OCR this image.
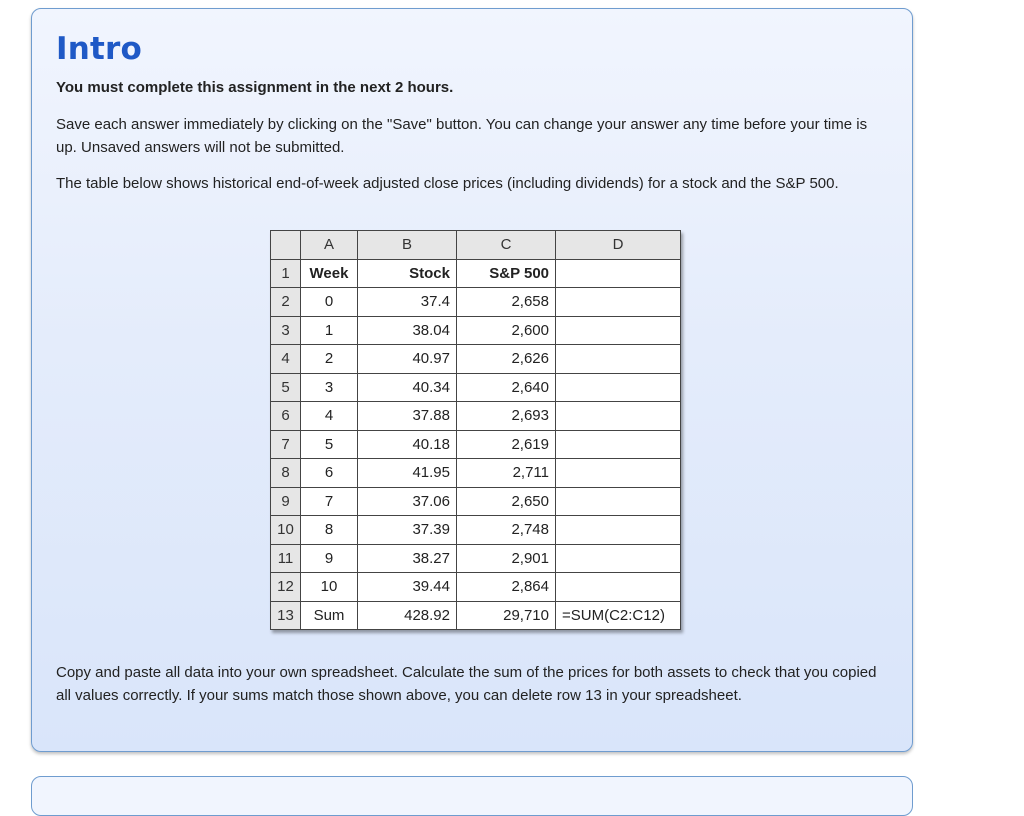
Intro

You must complete this assignment in the next 2 hours.

Save each answer immediately by clicking on the "Save" button. You can change your answer any time before your time is up. Unsaved answers will not be submitted.

The table below shows historical end-of-week adjusted close prices (including dividends) for a stock and the S&P 500.

	A	B	C	D
1	Week	Stock	S&P 500	
2	0	37.4	2,658	
3	1	38.04	2,600	
4	2	40.97	2,626	
5	3	40.34	2,640	
6	4	37.88	2,693	
7	5	40.18	2,619	
8	6	41.95	2,711	
9	7	37.06	2,650	
10	8	37.39	2,748	
11	9	38.27	2,901	
12	10	39.44	2,864	
13	Sum	428.92	29,710	=SUM(C2:C12)

Copy and paste all data into your own spreadsheet. Calculate the sum of the prices for both assets to check that you copied all values correctly. If your sums match those shown above, you can delete row 13 in your spreadsheet.
